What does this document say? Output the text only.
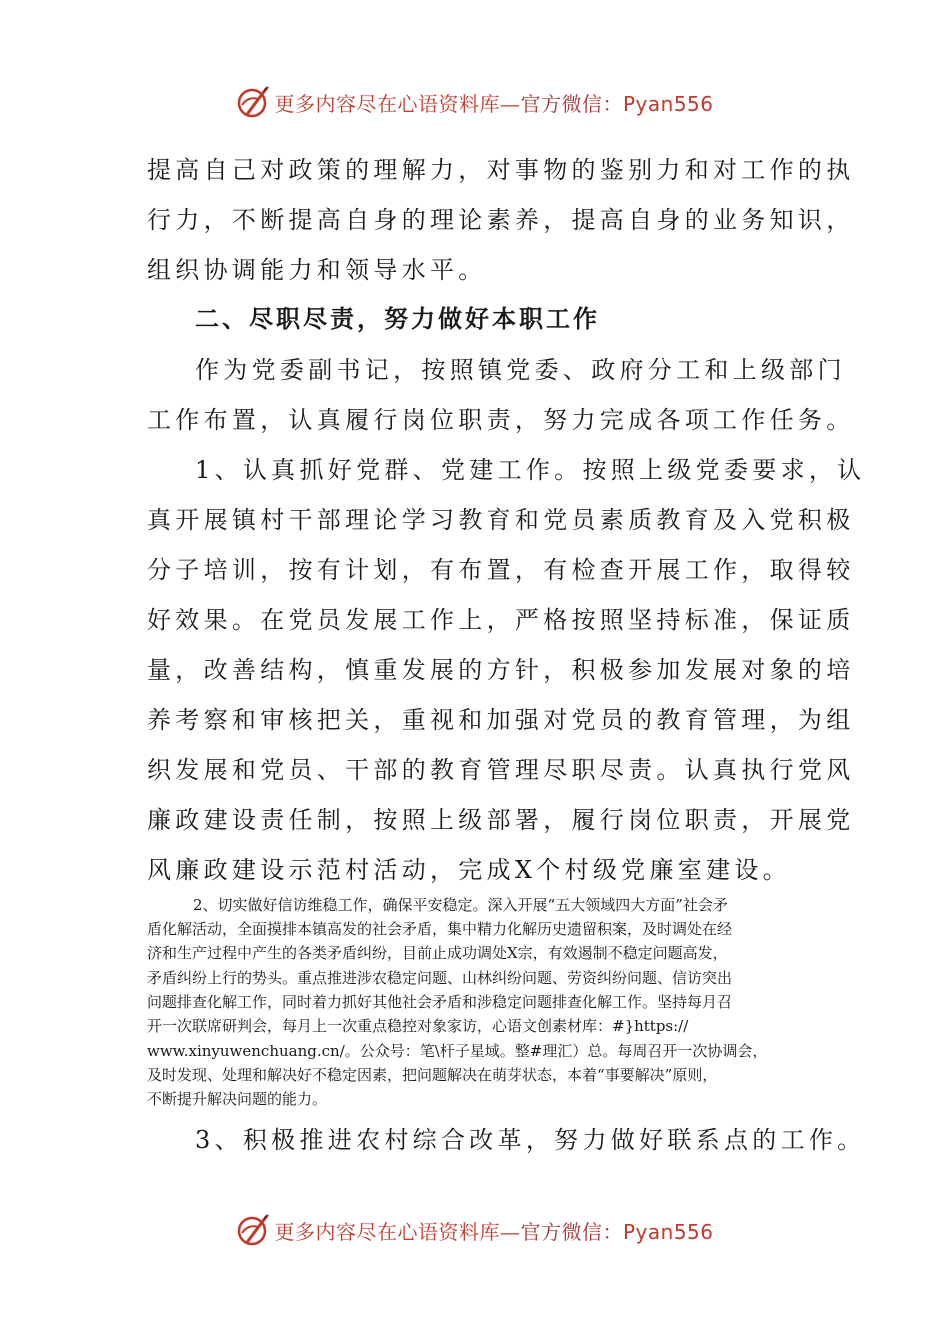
更多内容尽在心语资料库—官方微信：Pyan556
提高自己对政策的理解力，对事物的鉴别力和对工作的执
行力，不断提高自身的理论素养，提高自身的业务知识，
组织协调能力和领导水平。
二、尽职尽责，努力做好本职工作
作为党委副书记，按照镇党委、政府分工和上级部门
工作布置，认真履行岗位职责，努力完成各项工作任务。
1、认真抓好党群、党建工作。按照上级党委要求，认
真开展镇村干部理论学习教育和党员素质教育及入党积极
分子培训，按有计划，有布置，有检查开展工作，取得较
好效果。在党员发展工作上，严格按照坚持标准，保证质
量，改善结构，慎重发展的方针，积极参加发展对象的培
养考察和审核把关，重视和加强对党员的教育管理，为组
织发展和党员、干部的教育管理尽职尽责。认真执行党风
廉政建设责任制，按照上级部署，履行岗位职责，开展党
风廉政建设示范村活动，完成X个村级党廉室建设。
2、切实做好信访维稳工作，确保平安稳定。深入开展“五大领域四大方面”社会矛
盾化解活动，全面摸排本镇高发的社会矛盾，集中精力化解历史遗留积案，及时调处在经
济和生产过程中产生的各类矛盾纠纷，目前止成功调处X宗，有效遏制不稳定问题高发，
矛盾纠纷上行的势头。重点推进涉农稳定问题、山林纠纷问题、劳资纠纷问题、信访突出
问题排查化解工作，同时着力抓好其他社会矛盾和涉稳定问题排查化解工作。坚持每月召
开一次联席研判会，每月上一次重点稳控对象家访，心语文创素材库：#}https://
www.xinyuwenchuang.cn/。公众号：笔\杆子星域。整#理汇）总。每周召开一次协调会，
及时发现、处理和解决好不稳定因素，把问题解决在萌芽状态，本着“事要解决”原则，
不断提升解决问题的能力。
3、积极推进农村综合改革，努力做好联系点的工作。
更多内容尽在心语资料库—官方微信：Pyan556
